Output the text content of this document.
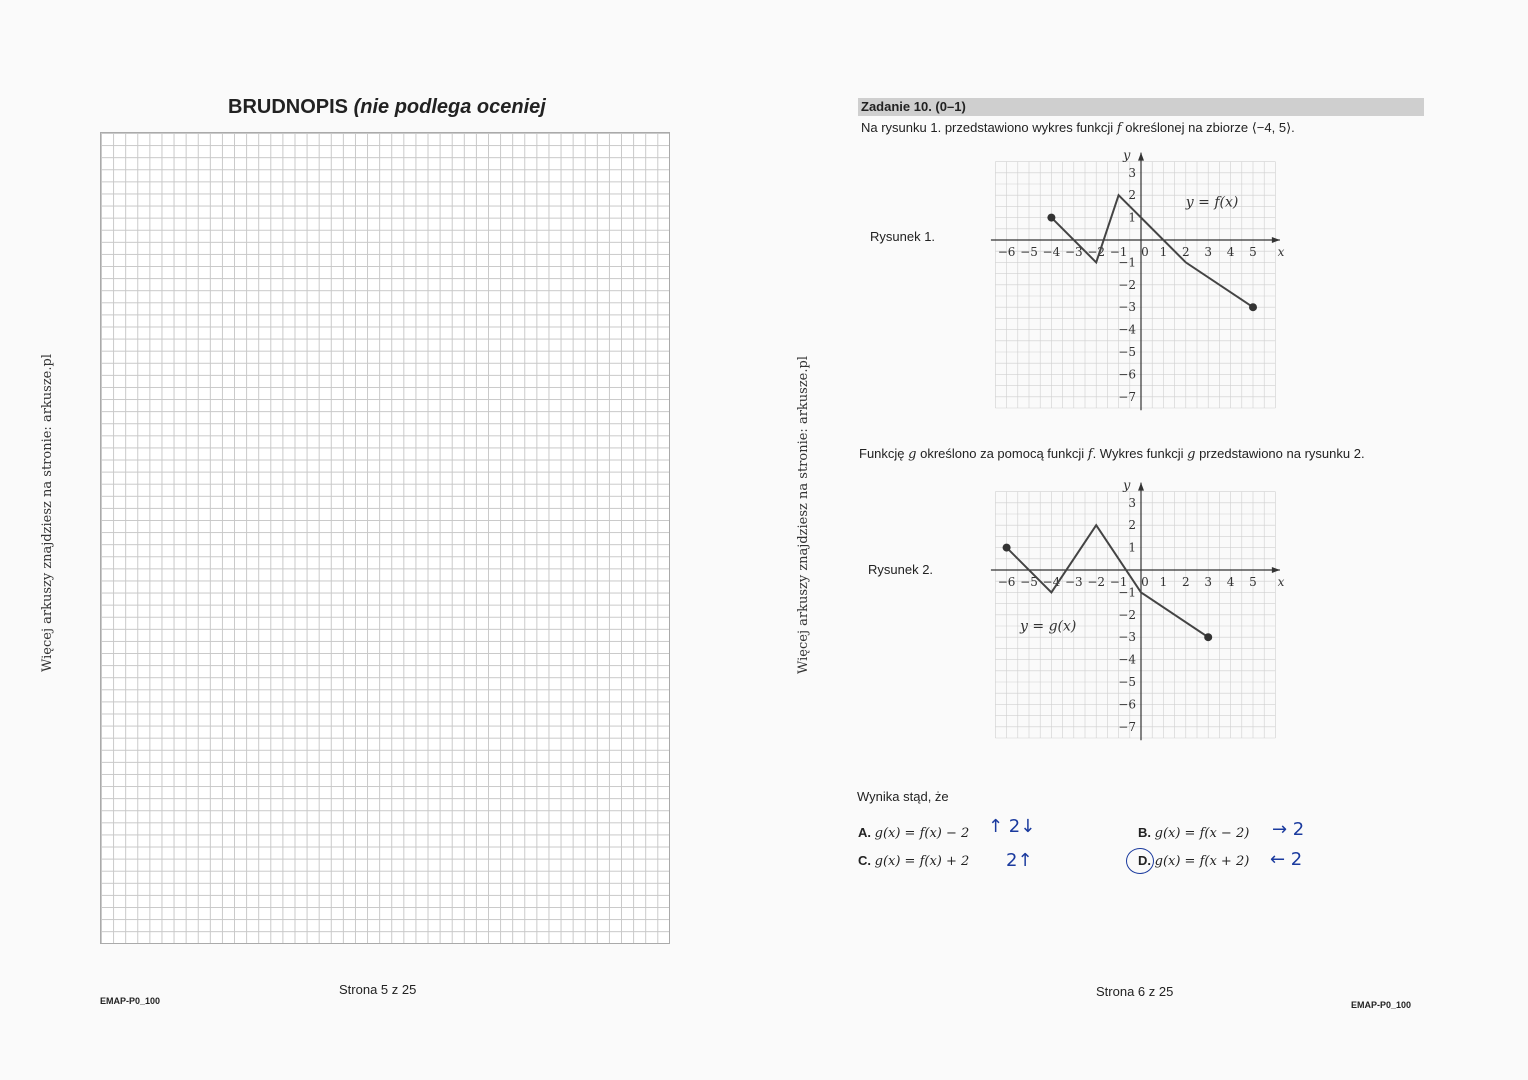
BRUDNOPIS (nie podlega oceniej
Więcej arkuszy znajdziesz na stronie: arkusze.pl
EMAP-P0_100
Strona 5 z 25
Więcej arkuszy znajdziesz na stronie: arkusze.pl
Zadanie 10. (0–1)
Na rysunku 1. przedstawiono wykres funkcji f określonej na zbiorze ⟨−4, 5⟩.
Rysunek 1.
−6 −5 −4 −3 −2 −1 0 1 2 3 4 5
3
2
1
−1
−2
−3
−4
−5
−6
−7
x
y
y = f(x)
Funkcję g określono za pomocą funkcji f. Wykres funkcji g przedstawiono na rysunku 2.
Rysunek 2.
−6 −5 −4 −3 −2 −1 0 1 2 3 4 5
3
2
1
−1
−2
−3
−4
−5
−6
−7
x
y
y = g(x)
Wynika stąd, że
A. g(x) = f(x) − 2
C. g(x) = f(x) + 2
B. g(x) = f(x − 2)
D. g(x) = f(x + 2)
↑ 2↓
2↑
→ 2
← 2
Strona 6 z 25
EMAP-P0_100
